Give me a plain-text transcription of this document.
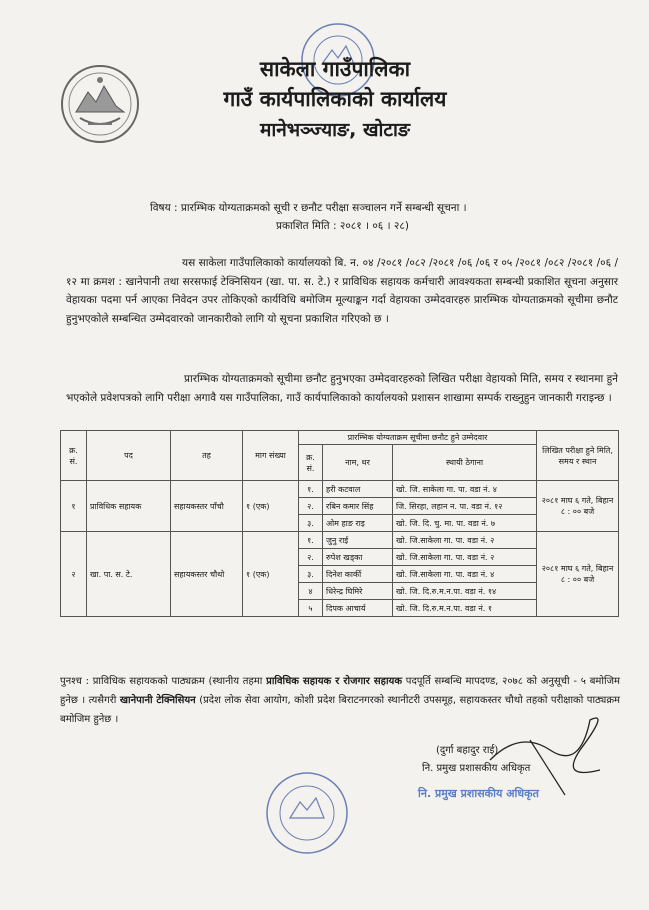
साकेला गाउँपालिका
गाउँ कार्यपालिकाको कार्यालय
मानेभञ्ज्याङ, खोटाङ
विषय : प्रारम्भिक योग्यताक्रमको सूची र छनौट परीक्षा सञ्चालन गर्ने सम्बन्धी सूचना ।
प्रकाशित मिति : २०८१ । ०६ । २८)
यस साकेला गाउँपालिकाको कार्यालयको बि. न. ०४ /२०८१ /०८२ /२०८१ /०६ /०६ र ०५ /२०८१ /०८२ /२०८१ /०६ /१२ मा क्रमश : खानेपानी तथा सरसफाई टेक्निसियन (खा. पा. स. टे.) र प्राविधिक सहायक कर्मचारी आवश्यकता सम्बन्धी प्रकाशित सूचना अनुसार वेहायका पदमा पर्न आएका निवेदन उपर तोकिएको कार्यविधि बमोजिम मूल्याङ्कन गर्दा वेहायका उम्मेदवारहरु प्रारम्भिक योग्यताक्रमको सूचीमा छनौट हुनुभएकोले सम्बन्धित उम्मेदवारको जानकारीको लागि यो सूचना प्रकाशित गरिएको छ ।
प्रारम्भिक योग्यताक्रमको सूचीमा छनौट हुनुभएका उम्मेदवारहरुको लिखित परीक्षा वेहायको मिति, समय र स्थानमा हुने भएकोले प्रवेशपत्रको लागि परीक्षा अगावै यस गाउँपालिका, गाउँ कार्यपालिकाको कार्यालयको प्रशासन शाखामा सम्पर्क राख्नुहुन जानकारी गराइन्छ ।
क्र. सं.	पद	तह	माग संख्या	प्रारम्भिक योग्यताक्रम सूचीमा छनौट हुने उम्मेदवार			लिखित परीक्षा हुने मिति, समय र स्थान
				क्र. सं.	नाम, थर	स्थायी ठेगाना	
१	प्राविधिक सहायक	सहायकस्तर पाँचौ	१ (एक)	१.	हरी कटवाल	खो. जि. साकेला गा. पा. वडा नं. ४	२०८१ माघ ६ गते, बिहान ८ : ०० बजे
				२.	रबिन कमार सिंह	जि. सिरहा, लहान न. पा. वडा नं. १२	
				३.	ओम हाङ राइ	खो. जि. दि. चु. मा. पा. वडा नं. ७	
२	खा. पा. स. टे.	सहायकस्तर चौथो	१ (एक)	१.	जुनु राई	खो. जि.साकेला गा. पा. वडा नं. २	२०८१ माघ ६ गते, बिहान ८ : ०० बजे
				२.	रुपेश खड्का	खो. जि.साकेला गा. पा. वडा नं. २	
				३.	दिनेश कार्की	खो. जि.साकेला गा. पा. वडा नं. ४	
				४	धिरेन्द्र घिमिरे	खो. जि. दि.रु.म.न.पा. वडा नं. १४	
				५	दिपक आचार्य	खो. जि. दि.रु.म.न.पा. वडा नं. १	
पुनश्च : प्राविधिक सहायकको पाठ्यक्रम (स्थानीय तहमा प्राविधिक सहायक र रोजगार सहायक पदपूर्ति सम्बन्धि मापदण्ड, २०७८ को अनुसूची - ५ बमोजिम हुनेछ । त्यसैगरी खानेपानी टेक्निसियन (प्रदेश लोक सेवा आयोग, कोशी प्रदेश बिराटनगरको स्थानीटरी उपसमूह, सहायकस्तर चौथो तहको परीक्षाको पाठ्यक्रम बमोजिम हुनेछ ।
(दुर्गा बहादुर राई)
नि. प्रमुख प्रशासकीय अधिकृत
नि. प्रमुख प्रशासकीय अधिकृत
